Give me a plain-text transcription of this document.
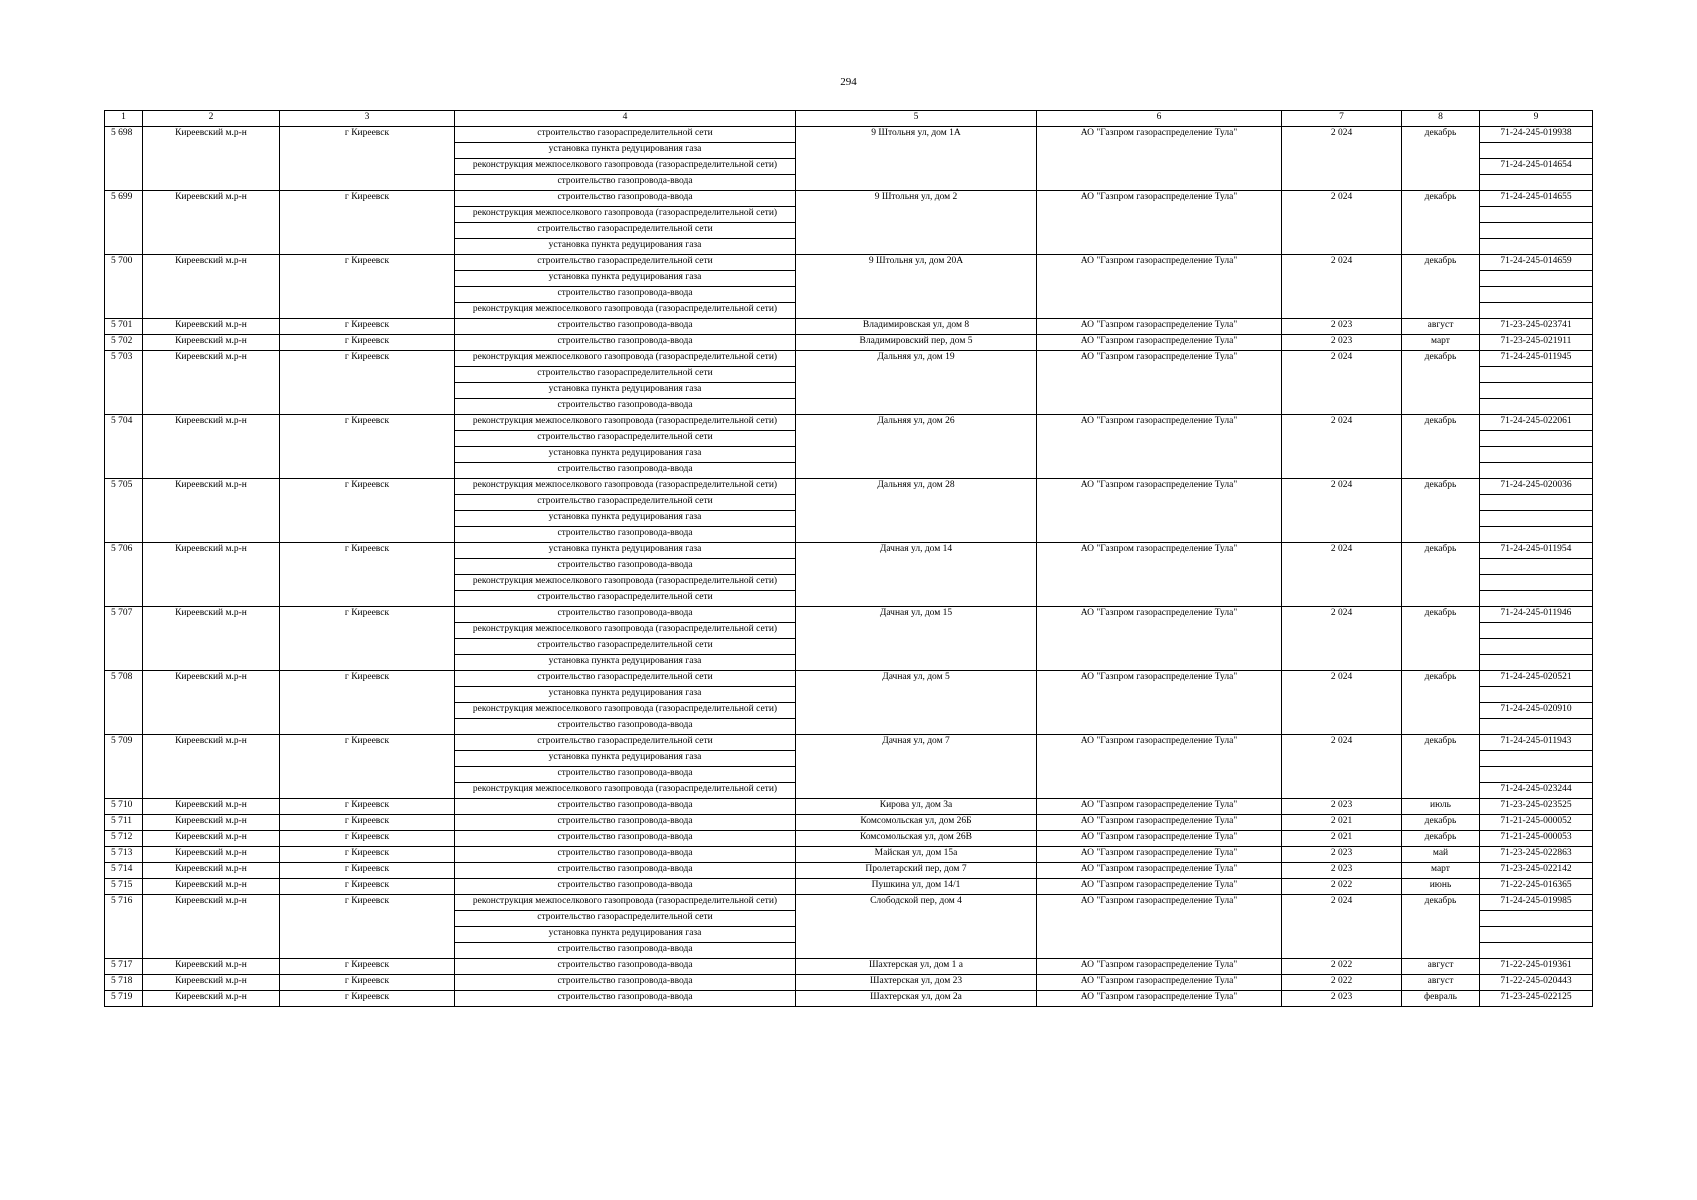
294
1	2	3	4	5	6	7	8	9
5 698	Киреевский м.р-н	г Киреевск	строительство газораспределительной сети	9 Штольня ул, дом 1А	АО "Газпром газораспределение Тула"	2 024	декабрь	71-24-245-019938
			установка пункта редуцирования газа					
			реконструкция межпоселкового газопровода (газораспределительной сети)					71-24-245-014654
			строительство газопровода-ввода					
5 699	Киреевский м.р-н	г Киреевск	строительство газопровода-ввода	9 Штольня ул, дом 2	АО "Газпром газораспределение Тула"	2 024	декабрь	71-24-245-014655
			реконструкция межпоселкового газопровода (газораспределительной сети)					
			строительство газораспределительной сети					
			установка пункта редуцирования газа					
5 700	Киреевский м.р-н	г Киреевск	строительство газораспределительной сети	9 Штольня ул, дом 20А	АО "Газпром газораспределение Тула"	2 024	декабрь	71-24-245-014659
			установка пункта редуцирования газа					
			строительство газопровода-ввода					
			реконструкция межпоселкового газопровода (газораспределительной сети)					
5 701	Киреевский м.р-н	г Киреевск	строительство газопровода-ввода	Владимировская ул, дом 8	АО "Газпром газораспределение Тула"	2 023	август	71-23-245-023741
5 702	Киреевский м.р-н	г Киреевск	строительство газопровода-ввода	Владимировский пер, дом 5	АО "Газпром газораспределение Тула"	2 023	март	71-23-245-021911
5 703	Киреевский м.р-н	г Киреевск	реконструкция межпоселкового газопровода (газораспределительной сети)	Дальняя ул, дом 19	АО "Газпром газораспределение Тула"	2 024	декабрь	71-24-245-011945
			строительство газораспределительной сети					
			установка пункта редуцирования газа					
			строительство газопровода-ввода					
5 704	Киреевский м.р-н	г Киреевск	реконструкция межпоселкового газопровода (газораспределительной сети)	Дальняя ул, дом 26	АО "Газпром газораспределение Тула"	2 024	декабрь	71-24-245-022061
			строительство газораспределительной сети					
			установка пункта редуцирования газа					
			строительство газопровода-ввода					
5 705	Киреевский м.р-н	г Киреевск	реконструкция межпоселкового газопровода (газораспределительной сети)	Дальняя ул, дом 28	АО "Газпром газораспределение Тула"	2 024	декабрь	71-24-245-020036
			строительство газораспределительной сети					
			установка пункта редуцирования газа					
			строительство газопровода-ввода					
5 706	Киреевский м.р-н	г Киреевск	установка пункта редуцирования газа	Дачная ул, дом 14	АО "Газпром газораспределение Тула"	2 024	декабрь	71-24-245-011954
			строительство газопровода-ввода					
			реконструкция межпоселкового газопровода (газораспределительной сети)					
			строительство газораспределительной сети					
5 707	Киреевский м.р-н	г Киреевск	строительство газопровода-ввода	Дачная ул, дом 15	АО "Газпром газораспределение Тула"	2 024	декабрь	71-24-245-011946
			реконструкция межпоселкового газопровода (газораспределительной сети)					
			строительство газораспределительной сети					
			установка пункта редуцирования газа					
5 708	Киреевский м.р-н	г Киреевск	строительство газораспределительной сети	Дачная ул, дом 5	АО "Газпром газораспределение Тула"	2 024	декабрь	71-24-245-020521
			установка пункта редуцирования газа					
			реконструкция межпоселкового газопровода (газораспределительной сети)					71-24-245-020910
			строительство газопровода-ввода					
5 709	Киреевский м.р-н	г Киреевск	строительство газораспределительной сети	Дачная ул, дом 7	АО "Газпром газораспределение Тула"	2 024	декабрь	71-24-245-011943
			установка пункта редуцирования газа					
			строительство газопровода-ввода					
			реконструкция межпоселкового газопровода (газораспределительной сети)					71-24-245-023244
5 710	Киреевский м.р-н	г Киреевск	строительство газопровода-ввода	Кирова ул, дом 3а	АО "Газпром газораспределение Тула"	2 023	июль	71-23-245-023525
5 711	Киреевский м.р-н	г Киреевск	строительство газопровода-ввода	Комсомольская ул, дом 26Б	АО "Газпром газораспределение Тула"	2 021	декабрь	71-21-245-000052
5 712	Киреевский м.р-н	г Киреевск	строительство газопровода-ввода	Комсомольская ул, дом 26В	АО "Газпром газораспределение Тула"	2 021	декабрь	71-21-245-000053
5 713	Киреевский м.р-н	г Киреевск	строительство газопровода-ввода	Майская ул, дом 15а	АО "Газпром газораспределение Тула"	2 023	май	71-23-245-022863
5 714	Киреевский м.р-н	г Киреевск	строительство газопровода-ввода	Пролетарский пер, дом 7	АО "Газпром газораспределение Тула"	2 023	март	71-23-245-022142
5 715	Киреевский м.р-н	г Киреевск	строительство газопровода-ввода	Пушкина ул, дом 14/1	АО "Газпром газораспределение Тула"	2 022	июнь	71-22-245-016365
5 716	Киреевский м.р-н	г Киреевск	реконструкция межпоселкового газопровода (газораспределительной сети)	Слободской пер, дом 4	АО "Газпром газораспределение Тула"	2 024	декабрь	71-24-245-019985
			строительство газораспределительной сети					
			установка пункта редуцирования газа					
			строительство газопровода-ввода					
5 717	Киреевский м.р-н	г Киреевск	строительство газопровода-ввода	Шахтерская ул, дом 1 а	АО "Газпром газораспределение Тула"	2 022	август	71-22-245-019361
5 718	Киреевский м.р-н	г Киреевск	строительство газопровода-ввода	Шахтерская ул, дом 23	АО "Газпром газораспределение Тула"	2 022	август	71-22-245-020443
5 719	Киреевский м.р-н	г Киреевск	строительство газопровода-ввода	Шахтерская ул, дом 2а	АО "Газпром газораспределение Тула"	2 023	февраль	71-23-245-022125
